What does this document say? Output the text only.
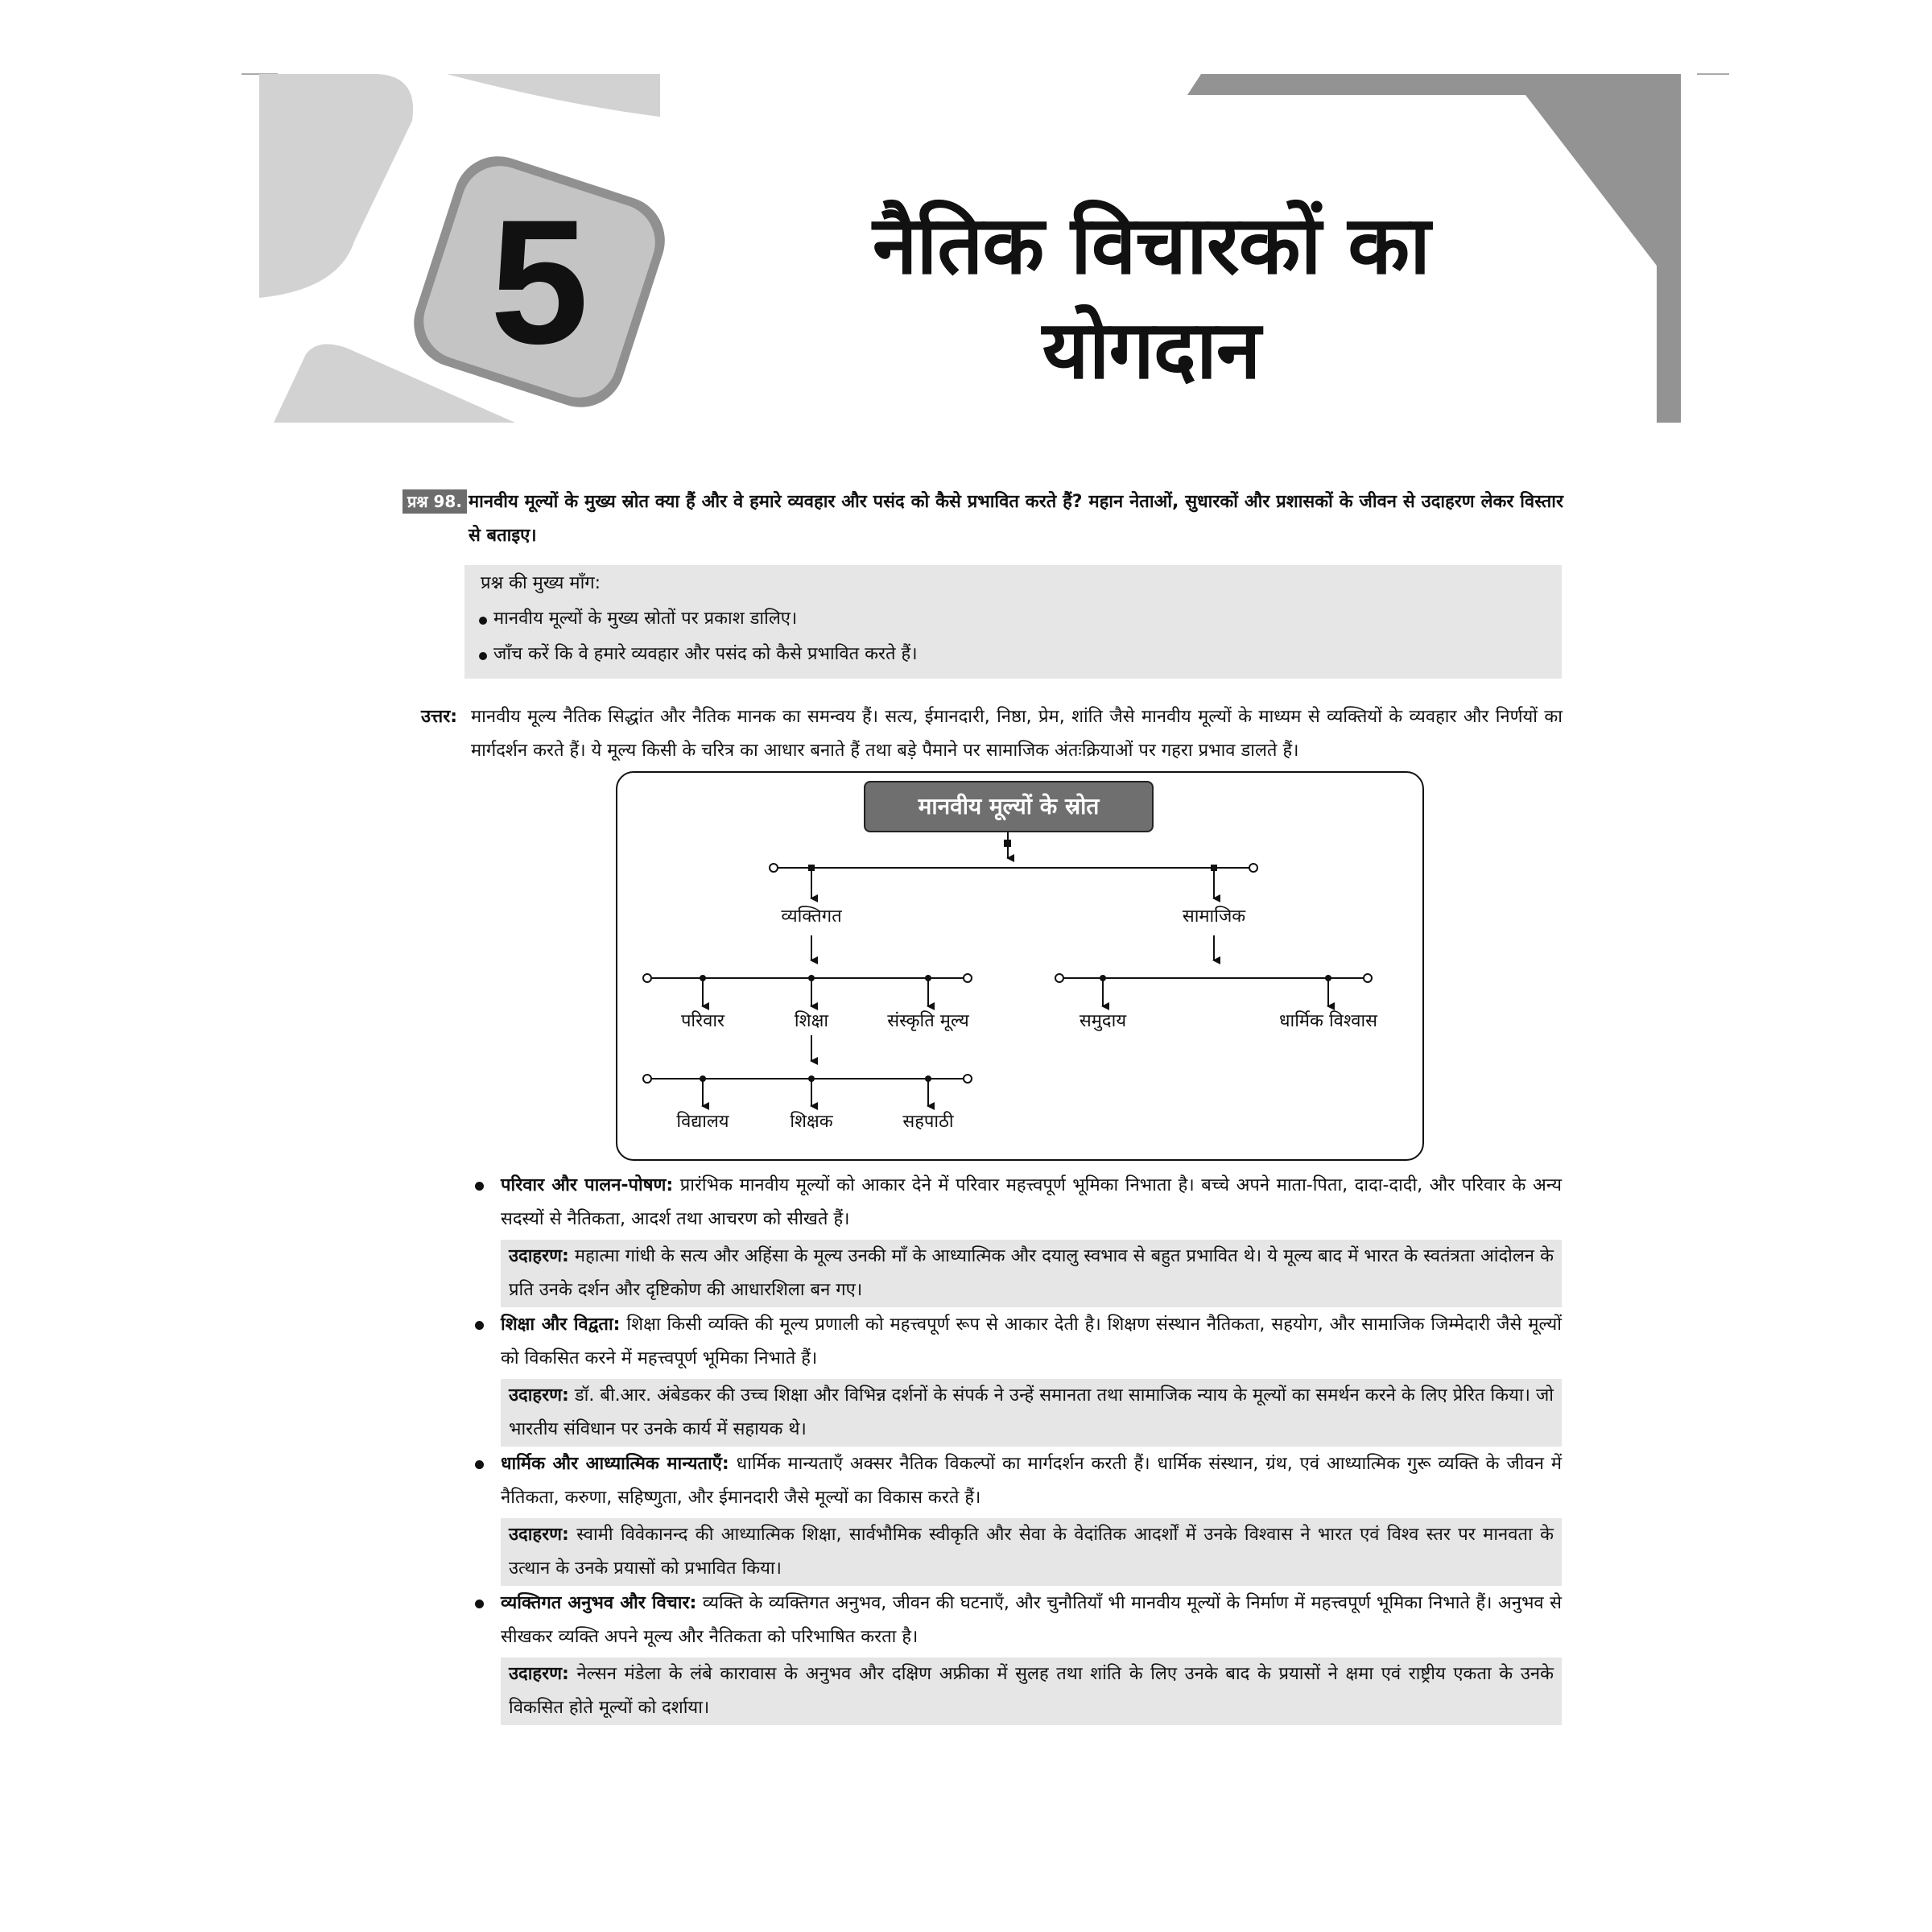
5	नैतिक विचारकों का
योगदान
प्रश्न 98. मानवीय मूल्यों के मुख्य स्रोत क्या हैं और वे हमारे व्यवहार और पसंद को कैसे प्रभावित करते हैं? महान नेताओं, सुधारकों और प्रशासकों के जीवन से उदाहरण लेकर विस्तार से बताइए।
प्रश्न की मुख्य माँग:
मानवीय मूल्यों के मुख्य स्रोतों पर प्रकाश डालिए।
जाँच करें कि वे हमारे व्यवहार और पसंद को कैसे प्रभावित करते हैं।
उत्तर: मानवीय मूल्य नैतिक सिद्धांत और नैतिक मानक का समन्वय हैं। सत्य, ईमानदारी, निष्ठा, प्रेम, शांति जैसे मानवीय मूल्यों के माध्यम से व्यक्तियों के व्यवहार और निर्णयों का मार्गदर्शन करते हैं। ये मूल्य किसी के चरित्र का आधार बनाते हैं तथा बड़े पैमाने पर सामाजिक अंतःक्रियाओं पर गहरा प्रभाव डालते हैं।
मानवीय मूल्यों के स्रोत
व्यक्तिगत	सामाजिक
परिवार	शिक्षा	संस्कृति मूल्य	समुदाय	धार्मिक विश्वास
विद्यालय	शिक्षक	सहपाठी
परिवार और पालन-पोषण: प्रारंभिक मानवीय मूल्यों को आकार देने में परिवार महत्त्वपूर्ण भूमिका निभाता है। बच्चे अपने माता-पिता, दादा-दादी, और परिवार के अन्य सदस्यों से नैतिकता, आदर्श तथा आचरण को सीखते हैं।
उदाहरण: महात्मा गांधी के सत्य और अहिंसा के मूल्य उनकी माँ के आध्यात्मिक और दयालु स्वभाव से बहुत प्रभावित थे। ये मूल्य बाद में भारत के स्वतंत्रता आंदोलन के प्रति उनके दर्शन और दृष्टिकोण की आधारशिला बन गए।
शिक्षा और विद्वता: शिक्षा किसी व्यक्ति की मूल्य प्रणाली को महत्त्वपूर्ण रूप से आकार देती है। शिक्षण संस्थान नैतिकता, सहयोग, और सामाजिक जिम्मेदारी जैसे मूल्यों को विकसित करने में महत्त्वपूर्ण भूमिका निभाते हैं।
उदाहरण: डॉ. बी.आर. अंबेडकर की उच्च शिक्षा और विभिन्न दर्शनों के संपर्क ने उन्हें समानता तथा सामाजिक न्याय के मूल्यों का समर्थन करने के लिए प्रेरित किया। जो भारतीय संविधान पर उनके कार्य में सहायक थे।
धार्मिक और आध्यात्मिक मान्यताएँ: धार्मिक मान्यताएँ अक्सर नैतिक विकल्पों का मार्गदर्शन करती हैं। धार्मिक संस्थान, ग्रंथ, एवं आध्यात्मिक गुरू व्यक्ति के जीवन में नैतिकता, करुणा, सहिष्णुता, और ईमानदारी जैसे मूल्यों का विकास करते हैं।
उदाहरण: स्वामी विवेकानन्द की आध्यात्मिक शिक्षा, सार्वभौमिक स्वीकृति और सेवा के वेदांतिक आदर्शों में उनके विश्वास ने भारत एवं विश्व स्तर पर मानवता के उत्थान के उनके प्रयासों को प्रभावित किया।
व्यक्तिगत अनुभव और विचार: व्यक्ति के व्यक्तिगत अनुभव, जीवन की घटनाएँ, और चुनौतियाँ भी मानवीय मूल्यों के निर्माण में महत्त्वपूर्ण भूमिका निभाते हैं। अनुभव से सीखकर व्यक्ति अपने मूल्य और नैतिकता को परिभाषित करता है।
उदाहरण: नेल्सन मंडेला के लंबे कारावास के अनुभव और दक्षिण अफ्रीका में सुलह तथा शांति के लिए उनके बाद के प्रयासों ने क्षमा एवं राष्ट्रीय एकता के उनके विकसित होते मूल्यों को दर्शाया।
